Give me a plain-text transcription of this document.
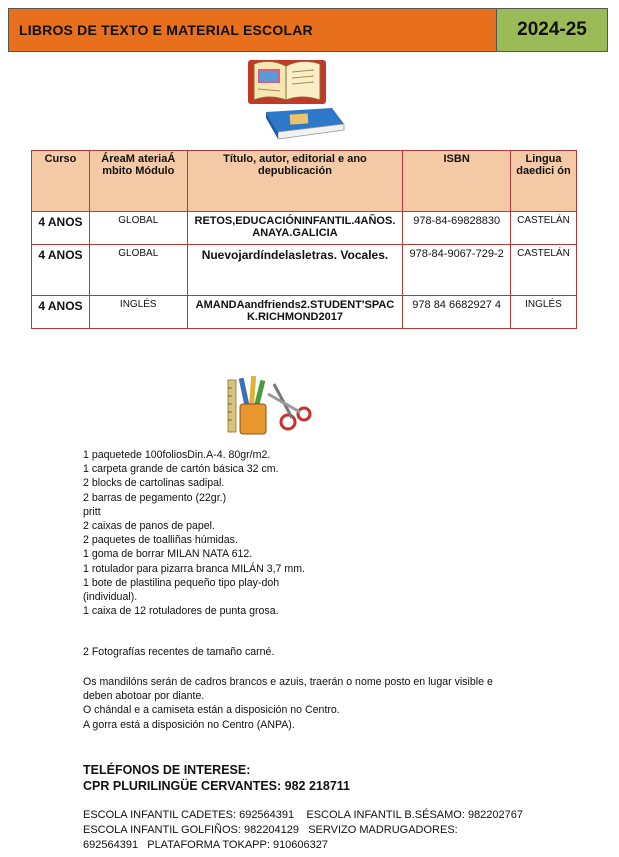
LIBROS DE TEXTO E MATERIAL ESCOLAR	2024-25
Curso	ÁreaM ateriaÁ mbito Módulo	Título, autor, editorial e ano depublicación	ISBN	Lingua daedici ón
4 ANOS	GLOBAL	RETOS,EDUCACIÓNINFANTIL.4AÑOS.ANAYA.GALICIA	978-84-69828830	CASTELÁN
4 ANOS	GLOBAL	Nuevojardíndelasletras. Vocales.	978-84-9067-729-2	CASTELÁN
4 ANOS	INGLÉS	AMANDAandfriends2.STUDENT'SPACK.RICHMOND2017	978 84 6682927 4	INGLÉS
1 paquetede 100foliosDin.A-4. 80gr/m2.
1 carpeta grande de cartón básica 32 cm.
2 blocks de cartolinas sadipal.
2 barras de pegamento (22gr.)
pritt
2 caixas de panos de papel.
2 paquetes de toalliñas húmidas.
1 goma de borrar MILAN NATA 612.
1 rotulador para pizarra branca MILÁN 3,7 mm.
1 bote de plastilina pequeño tipo play-doh
(individual).
1 caixa de 12 rotuladores de punta grosa.
2 Fotografías recentes de tamaño carné.
Os mandilóns serán de cadros brancos e azuis, traerán o nome posto en lugar visible e
deben abotoar por diante.
O chándal e a camiseta están a disposición no Centro.
A gorra está a disposición no Centro (ANPA).
TELÉFONOS DE INTERESE:
CPR PLURILINGÜE CERVANTES: 982 218711
ESCOLA INFANTIL CADETES: 692564391    ESCOLA INFANTIL B.SÉSAMO: 982202767
ESCOLA INFANTIL GOLFIÑOS: 982204129   SERVIZO MADRUGADORES:
692564391   PLATAFORMA TOKAPP: 910606327
